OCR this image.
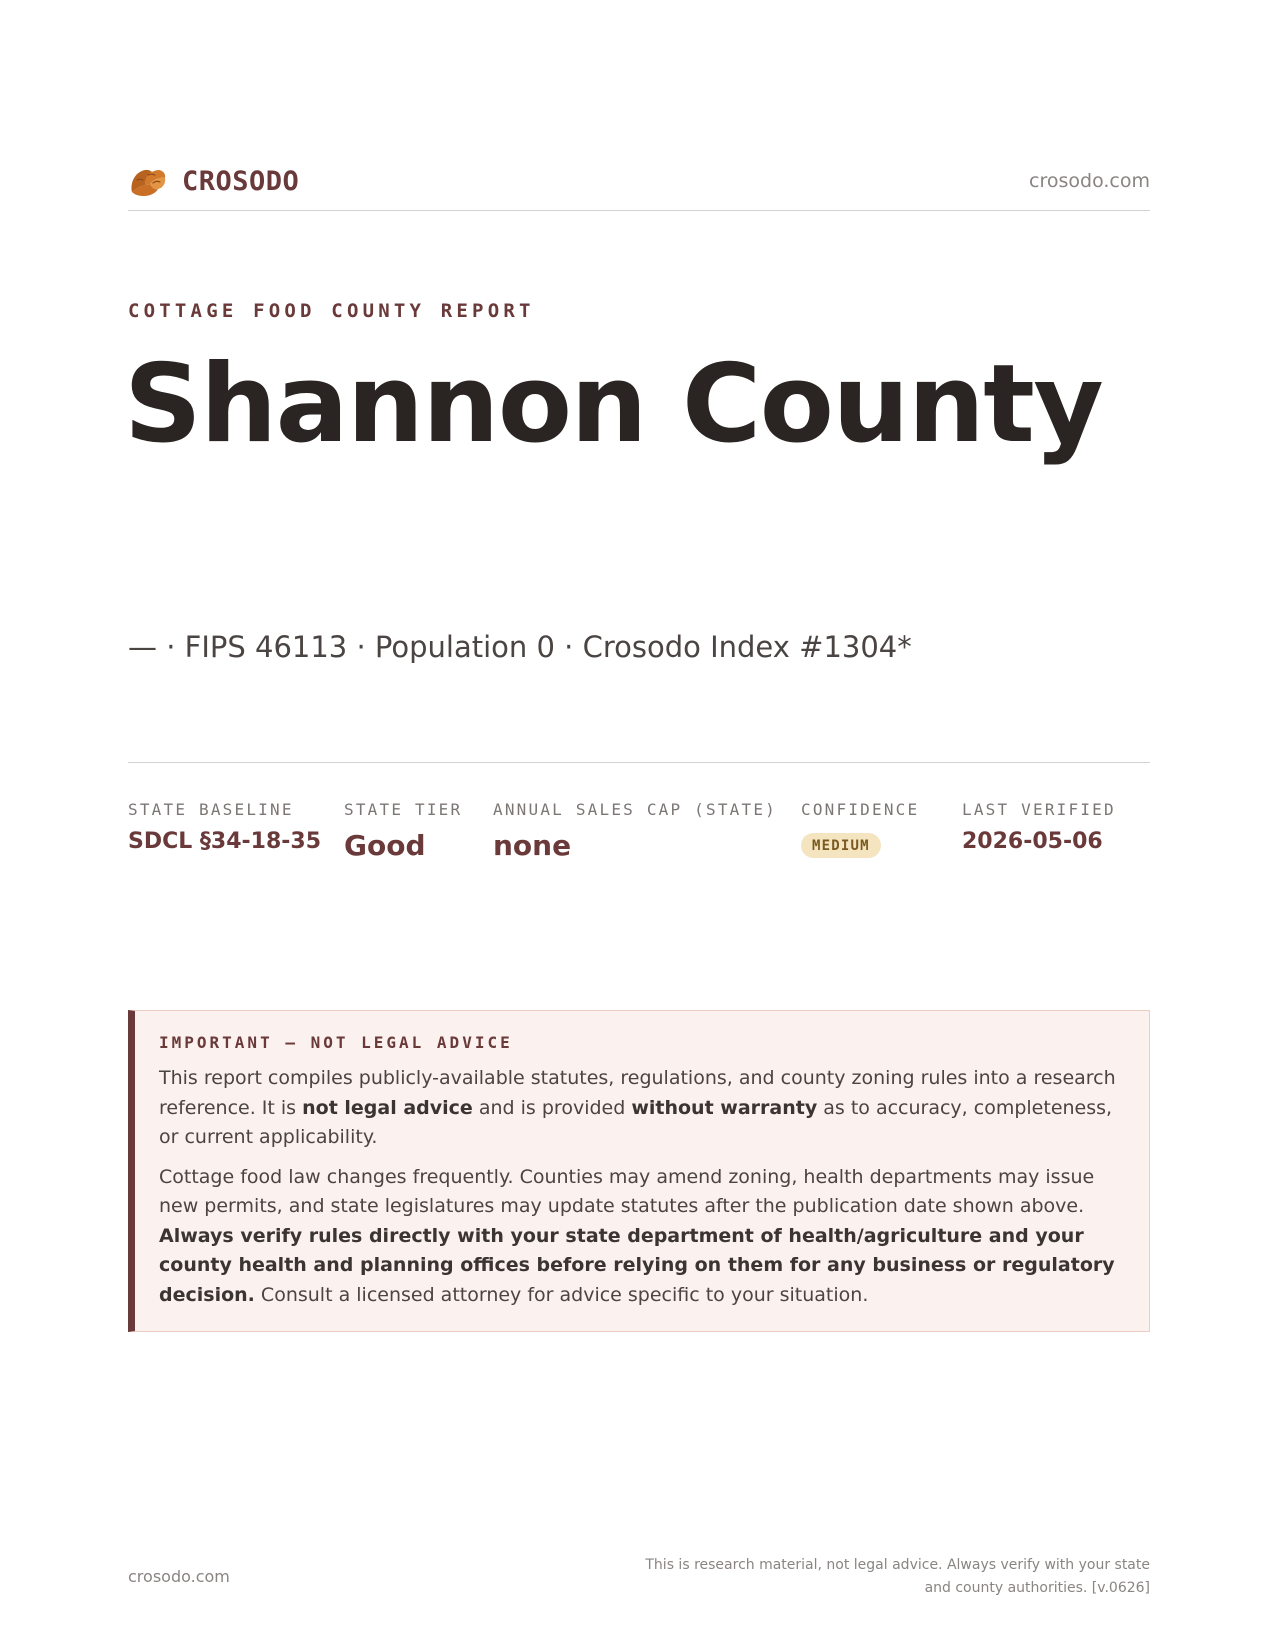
CROSODO	crosodo.com
COTTAGE FOOD COUNTY REPORT
Shannon County
— · FIPS 46113 · Population 0 · Crosodo Index #1304*
STATE BASELINE
SDCL §34-18-35
STATE TIER
Good
ANNUAL SALES CAP (STATE)
none
CONFIDENCE
MEDIUM
LAST VERIFIED
2026-05-06
IMPORTANT — NOT LEGAL ADVICE

This report compiles publicly-available statutes, regulations, and county zoning rules into a research reference. It is not legal advice and is provided without warranty as to accuracy, completeness, or current applicability.

Cottage food law changes frequently. Counties may amend zoning, health departments may issue new permits, and state legislatures may update statutes after the publication date shown above. Always verify rules directly with your state department of health/agriculture and your county health and planning offices before relying on them for any business or regulatory decision. Consult a licensed attorney for advice specific to your situation.

crosodo.com
This is research material, not legal advice. Always verify with your state
and county authorities. [v.0626]
